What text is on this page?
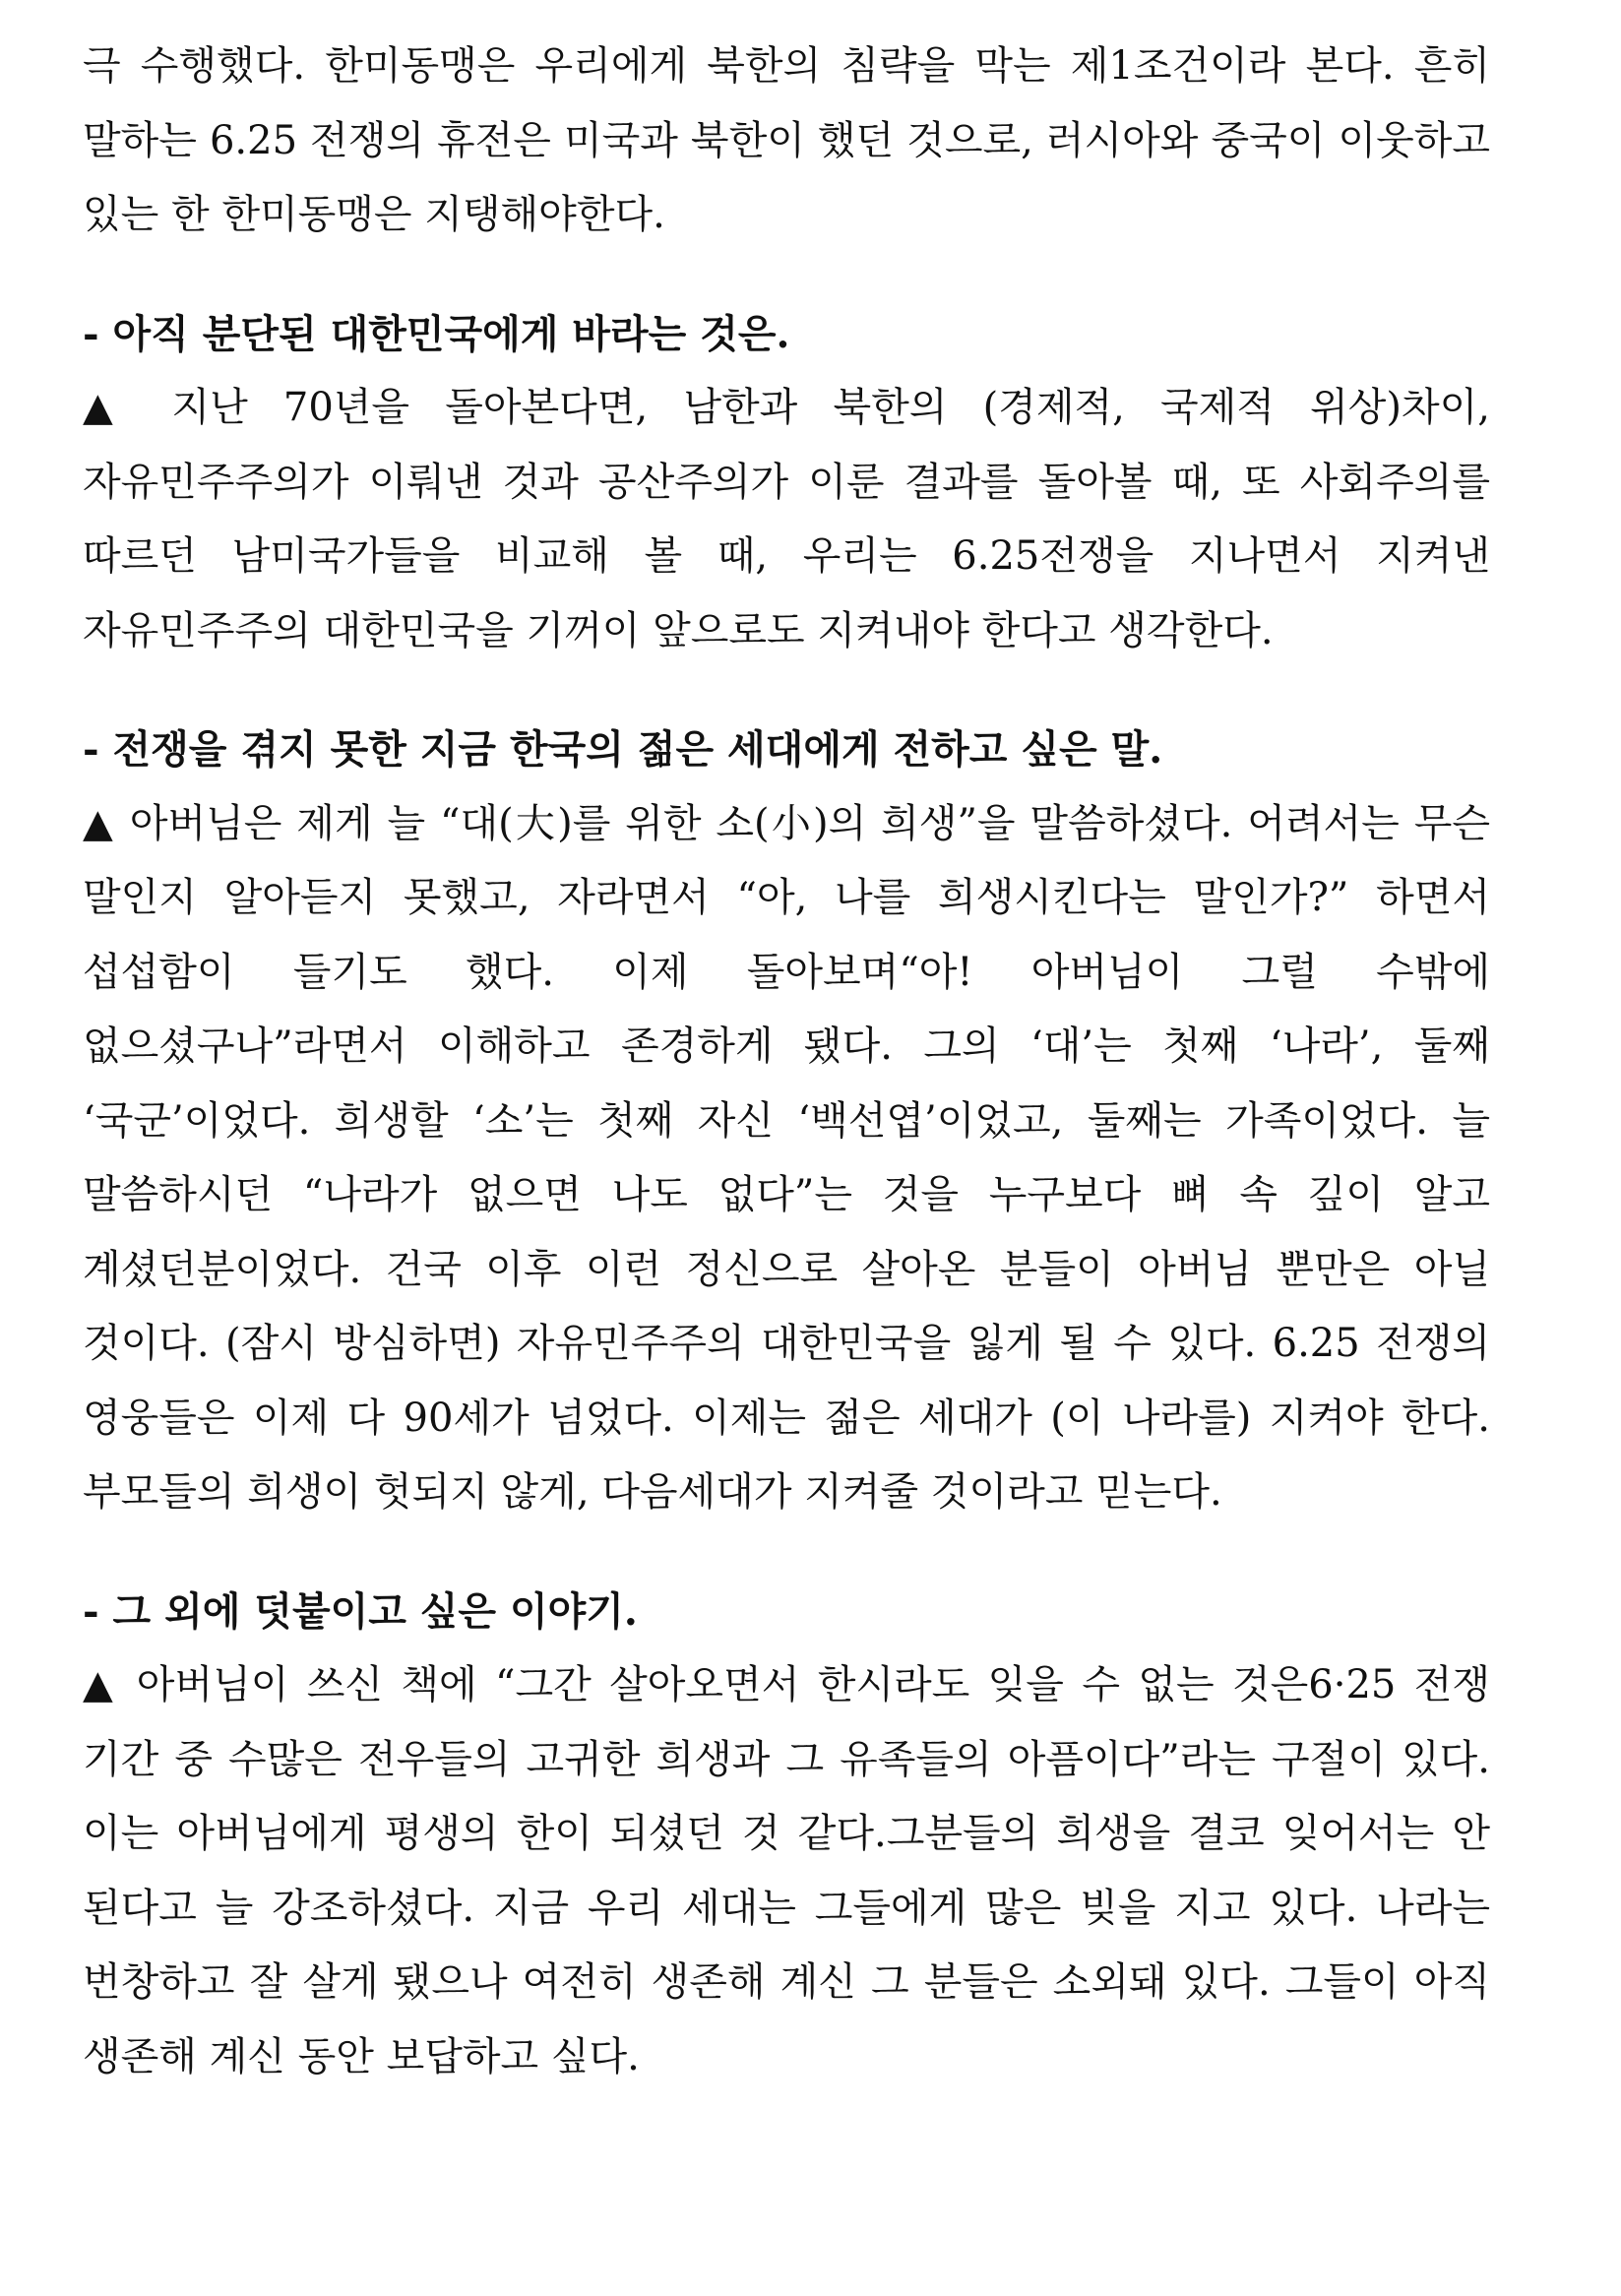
극 수행했다. 한미동맹은 우리에게 북한의 침략을 막는 제1조건이라 본다. 흔히 말하는 6.25 전쟁의 휴전은 미국과 북한이 했던 것으로, 러시아와 중국이 이웃하고 있는 한 한미동맹은 지탱해야한다.

- 아직 분단된 대한민국에게 바라는 것은.

▲ 지난 70년을 돌아본다면, 남한과 북한의 (경제적, 국제적 위상)차이, 자유민주주의가 이뤄낸 것과 공산주의가 이룬 결과를 돌아볼 때, 또 사회주의를 따르던 남미국가들을 비교해 볼 때, 우리는 6.25전쟁을 지나면서 지켜낸 자유민주주의 대한민국을 기꺼이 앞으로도 지켜내야 한다고 생각한다.

- 전쟁을 겪지 못한 지금 한국의 젊은 세대에게 전하고 싶은 말.

▲ 아버님은 제게 늘 “대(大)를 위한 소(小)의 희생”을 말씀하셨다. 어려서는 무슨 말인지 알아듣지 못했고, 자라면서 “아, 나를 희생시킨다는 말인가?” 하면서 섭섭함이 들기도 했다. 이제 돌아보며“아! 아버님이 그럴 수밖에 없으셨구나”라면서 이해하고 존경하게 됐다. 그의 ‘대’는 첫째 ‘나라’, 둘째 ‘국군’이었다. 희생할 ‘소’는 첫째 자신 ‘백선엽’이었고, 둘째는 가족이었다. 늘 말씀하시던 “나라가 없으면 나도 없다”는 것을 누구보다 뼈 속 깊이 알고 계셨던분이었다. 건국 이후 이런 정신으로 살아온 분들이 아버님 뿐만은 아닐 것이다. (잠시 방심하면) 자유민주주의 대한민국을 잃게 될 수 있다. 6.25 전쟁의 영웅들은 이제 다 90세가 넘었다. 이제는 젊은 세대가 (이 나라를) 지켜야 한다. 부모들의 희생이 헛되지 않게, 다음세대가 지켜줄 것이라고 믿는다.

- 그 외에 덧붙이고 싶은 이야기.

▲ 아버님이 쓰신 책에 “그간 살아오면서 한시라도 잊을 수 없는 것은6·25 전쟁 기간 중 수많은 전우들의 고귀한 희생과 그 유족들의 아픔이다”라는 구절이 있다. 이는 아버님에게 평생의 한이 되셨던 것 같다.그분들의 희생을 결코 잊어서는 안 된다고 늘 강조하셨다. 지금 우리 세대는 그들에게 많은 빚을 지고 있다. 나라는 번창하고 잘 살게 됐으나 여전히 생존해 계신 그 분들은 소외돼 있다. 그들이 아직 생존해 계신 동안 보답하고 싶다.
